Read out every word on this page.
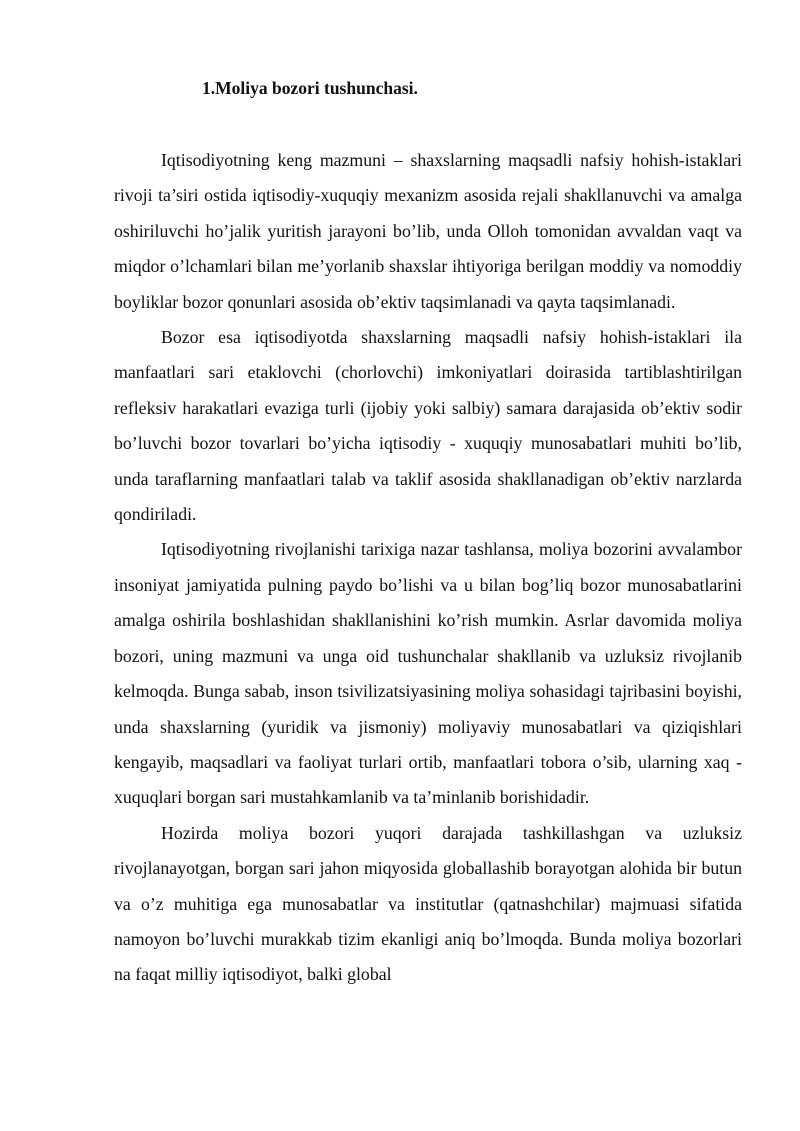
1.Moliya bozori tushunchasi.

Iqtisodiyotning keng mazmuni – shaxslarning maqsadli nafsiy hohish-istaklari rivoji ta’siri ostida iqtisodiy-xuquqiy mexanizm asosida rejali shakllanuvchi va amalga oshiriluvchi ho’jalik yuritish jarayoni bo’lib, unda Olloh tomonidan avvaldan vaqt va miqdor o’lchamlari bilan me’yorlanib shaxslar ihtiyoriga berilgan moddiy va nomoddiy boyliklar bozor qonunlari asosida ob’ektiv taqsimlanadi va qayta taqsimlanadi.

Bozor esa iqtisodiyotda shaxslarning maqsadli nafsiy hohish-istaklari ila manfaatlari sari etaklovchi (chorlovchi) imkoniyatlari doirasida tartiblashtirilgan refleksiv harakatlari evaziga turli (ijobiy yoki salbiy) samara darajasida ob’ektiv sodir bo’luvchi bozor tovarlari bo’yicha iqtisodiy - xuquqiy munosabatlari muhiti bo’lib, unda taraflarning manfaatlari talab va taklif asosida shakllanadigan ob’ektiv narzlarda qondiriladi.

Iqtisodiyotning rivojlanishi tarixiga nazar tashlansa, moliya bozorini avvalambor insoniyat jamiyatida pulning paydo bo’lishi va u bilan bog’liq bozor munosabatlarini amalga oshirila boshlashidan shakllanishini ko’rish mumkin. Asrlar davomida moliya bozori, uning mazmuni va unga oid tushunchalar shakllanib va uzluksiz rivojlanib kelmoqda. Bunga sabab, inson tsivilizatsiyasining moliya sohasidagi tajribasini boyishi, unda shaxslarning (yuridik va jismoniy) moliyaviy munosabatlari va qiziqishlari kengayib, maqsadlari va faoliyat turlari ortib, manfaatlari tobora o’sib, ularning xaq - xuquqlari borgan sari mustahkamlanib va ta’minlanib borishidadir.

Hozirda moliya bozori yuqori darajada tashkillashgan va uzluksiz rivojlanayotgan, borgan sari jahon miqyosida globallashib borayotgan alohida bir butun va o’z muhitiga ega munosabatlar va institutlar (qatnashchilar) majmuasi sifatida namoyon bo’luvchi murakkab tizim ekanligi aniq bo’lmoqda. Bunda moliya bozorlari na faqat milliy iqtisodiyot, balki global
